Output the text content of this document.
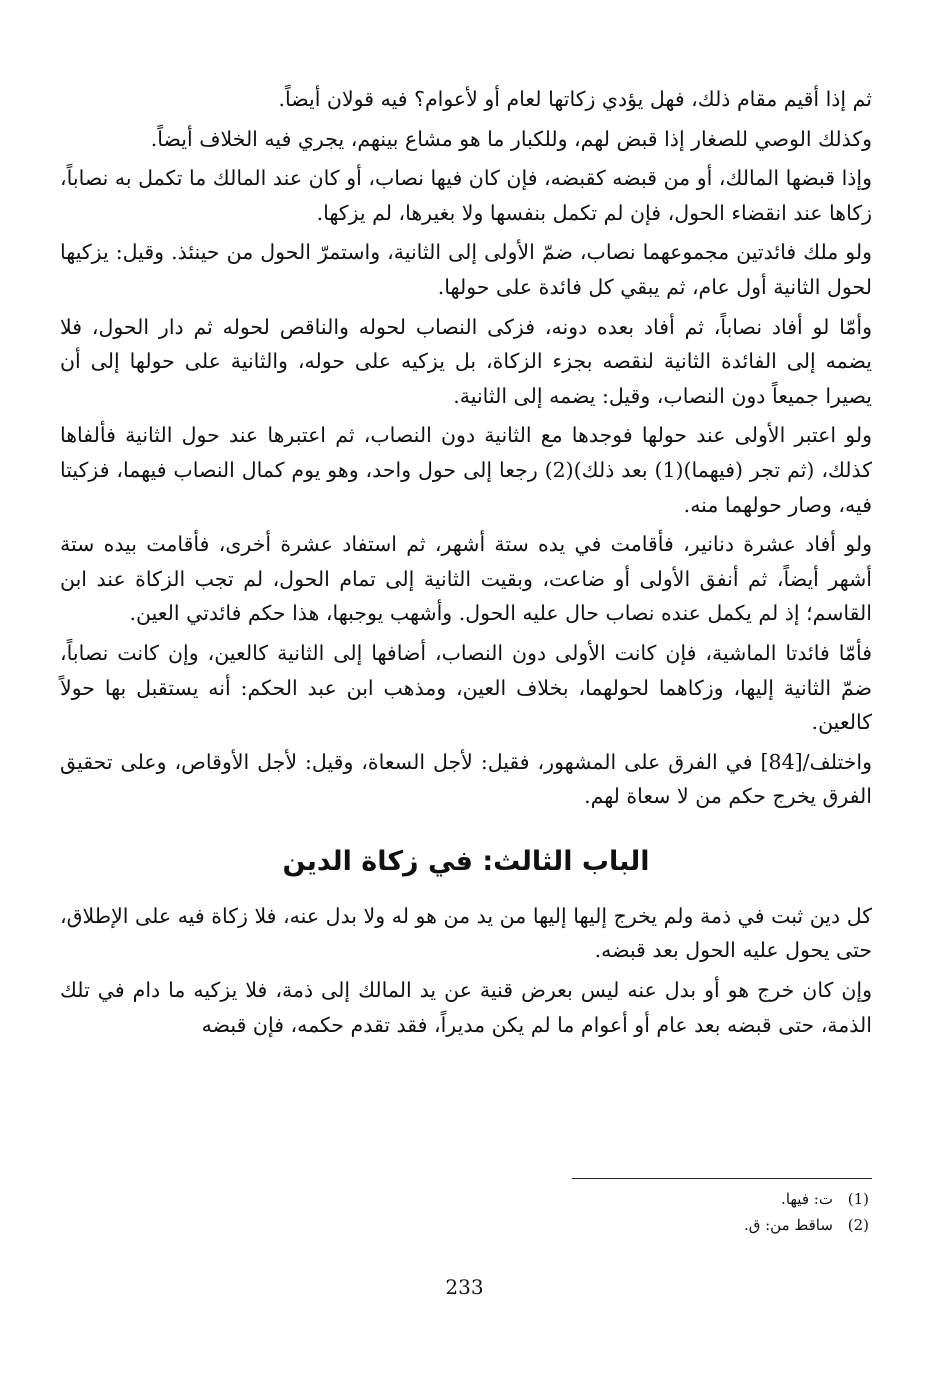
ثم إذا أقيم مقام ذلك، فهل يؤدي زكاتها لعام أو لأعوام؟ فيه قولان أيضاً.

وكذلك الوصي للصغار إذا قبض لهم، وللكبار ما هو مشاع بينهم، يجري فيه الخلاف أيضاً.

وإذا قبضها المالك، أو من قبضه كقبضه، فإن كان فيها نصاب، أو كان عند المالك ما تكمل به نصاباً، زكاها عند انقضاء الحول، فإن لم تكمل بنفسها ولا بغيرها، لم يزكها.

ولو ملك فائدتين مجموعهما نصاب، ضمّ الأولى إلى الثانية، واستمرّ الحول من حينئذ. وقيل: يزكيها لحول الثانية أول عام، ثم يبقي كل فائدة على حولها.

وأمّا لو أفاد نصاباً، ثم أفاد بعده دونه، فزكى النصاب لحوله والناقص لحوله ثم دار الحول، فلا يضمه إلى الفائدة الثانية لنقصه بجزء الزكاة، بل يزكيه على حوله، والثانية على حولها إلى أن يصيرا جميعاً دون النصاب، وقيل: يضمه إلى الثانية.

ولو اعتبر الأولى عند حولها فوجدها مع الثانية دون النصاب، ثم اعتبرها عند حول الثانية فألفاها كذلك، (ثم تجر (فيهما)(1) بعد ذلك)(2) رجعا إلى حول واحد، وهو يوم كمال النصاب فيهما، فزكيتا فيه، وصار حولهما منه.

ولو أفاد عشرة دنانير، فأقامت في يده ستة أشهر، ثم استفاد عشرة أخرى، فأقامت بيده ستة أشهر أيضاً، ثم أنفق الأولى أو ضاعت، وبقيت الثانية إلى تمام الحول، لم تجب الزكاة عند ابن القاسم؛ إذ لم يكمل عنده نصاب حال عليه الحول. وأشهب يوجبها، هذا حكم فائدتي العين.

فأمّا فائدتا الماشية، فإن كانت الأولى دون النصاب، أضافها إلى الثانية كالعين، وإن كانت نصاباً، ضمّ الثانية إليها، وزكاهما لحولهما، بخلاف العين، ومذهب ابن عبد الحكم: أنه يستقبل بها حولاً كالعين.

واختلف/[84] في الفرق على المشهور، فقيل: لأجل السعاة، وقيل: لأجل الأوقاص، وعلى تحقيق الفرق يخرج حكم من لا سعاة لهم.

الباب الثالث: في زكاة الدين

كل دين ثبت في ذمة ولم يخرج إليها إليها من يد من هو له ولا بدل عنه، فلا زكاة فيه على الإطلاق، حتى يحول عليه الحول بعد قبضه.

وإن كان خرج هو أو بدل عنه ليس بعرض قنية عن يد المالك إلى ذمة، فلا يزكيه ما دام في تلك الذمة، حتى قبضه بعد عام أو أعوام ما لم يكن مديراً، فقد تقدم حكمه، فإن قبضه

(1) ت: فيها.

(2) ساقط من: ق.

233
